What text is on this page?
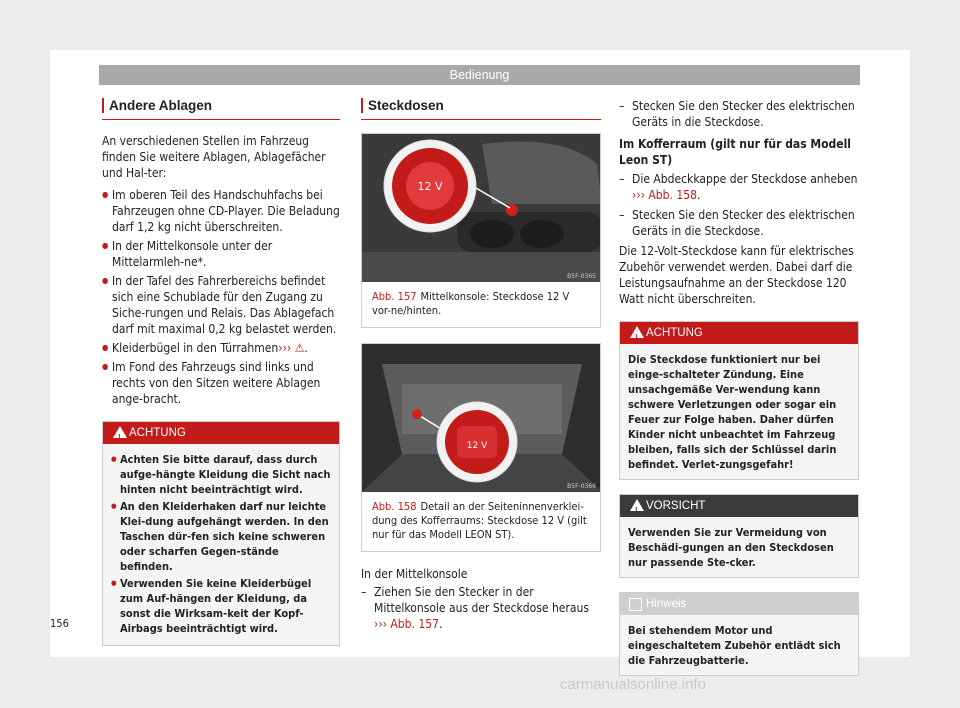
Bedienung
Andere Ablagen

An verschiedenen Stellen im Fahrzeug finden Sie weitere Ablagen, Ablagefächer und Hal-ter:

● Im oberen Teil des Handschuhfachs bei Fahrzeugen ohne CD-Player. Die Beladung darf 1,2 kg nicht überschreiten.
● In der Mittelkonsole unter der Mittelarmleh-ne*.
● In der Tafel des Fahrerbereichs befindet sich eine Schublade für den Zugang zu Siche-rungen und Relais. Das Ablagefach darf mit maximal 0,2 kg belastet werden.
● Kleiderbügel in den Türrahmen››› ⚠.
● Im Fond des Fahrzeugs sind links und rechts von den Sitzen weitere Ablagen ange-bracht.
!
ACHTUNG
● Achten Sie bitte darauf, dass durch aufge-hängte Kleidung die Sicht nach hinten nicht beeinträchtigt wird.
● An den Kleiderhaken darf nur leichte Klei-dung aufgehängt werden. In den Taschen dür-fen sich keine schweren oder scharfen Gegen-stände befinden.
● Verwenden Sie keine Kleiderbügel zum Auf-hängen der Kleidung, da sonst die Wirksam-keit der Kopf-Airbags beeinträchtigt wird.
Steckdosen
12 V
B5F-0365
Abb. 157 Mittelkonsole: Steckdose 12 V vor-ne/hinten.
12 V
B5F-0366
Abb. 158 Detail an der Seiteninnenverklei-dung des Kofferraums: Steckdose 12 V (gilt nur für das Modell LEON ST).

In der Mittelkonsole

– Ziehen Sie den Stecker in der Mittelkonsole aus der Steckdose heraus ››› Abb. 157.
– Stecken Sie den Stecker des elektrischen Geräts in die Steckdose.

Im Kofferraum (gilt nur für das Modell Leon ST)

– Die Abdeckkappe der Steckdose anheben ››› Abb. 158.
– Stecken Sie den Stecker des elektrischen Geräts in die Steckdose.

Die 12-Volt-Steckdose kann für elektrisches Zubehör verwendet werden. Dabei darf die Leistungsaufnahme an der Steckdose 120 Watt nicht überschreiten.

!
ACHTUNG
Die Steckdose funktioniert nur bei einge-schalteter Zündung. Eine unsachgemäße Ver-wendung kann schwere Verletzungen oder sogar ein Feuer zur Folge haben. Daher dürfen Kinder nicht unbeachtet im Fahrzeug bleiben, falls sich der Schlüssel darin befindet. Verlet-zungsgefahr!
!
VORSICHT
Verwenden Sie zur Vermeidung von Beschädi-gungen an den Steckdosen nur passende Ste-cker.
Hinweis
Bei stehendem Motor und eingeschaltetem Zubehör entlädt sich die Fahrzeugbatterie.
156
carmanualsonline.info
